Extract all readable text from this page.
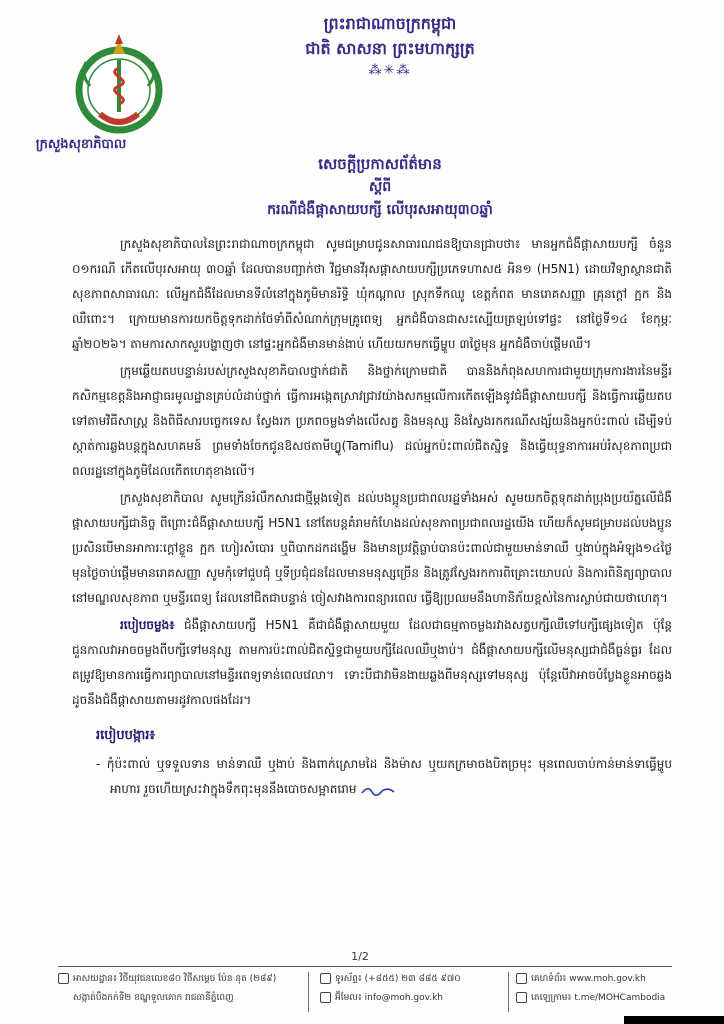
ក្រសួងសុខាភិបាល
ព្រះរាជាណាចក្រកម្ពុជា
ជាតិ សាសនា ព្រះមហាក្សត្រ
⁂✳⁂
សេចក្ដីប្រកាសព័ត៌មាន
ស្ដីពី
ករណីជំងឺផ្ដាសាយបក្សី លើបុរសអាយុ៣០ឆ្នាំ

ក្រសួងសុខាភិបាលនៃព្រះរាជាណាចក្រកម្ពុជា សូមជម្រាបជូនសាធារណជនឱ្យបានជ្រាបថា៖ មានអ្នកជំងឺផ្ដាសាយបក្សី ចំនួន ០១ករណី កើតលើបុរសអាយុ ៣០ឆ្នាំ ដែលបានបញ្ជាក់ថា វិជ្ជមានវីរុសផ្ដាសាយបក្សីប្រភេទហាស៥ អិន១ (H5N1) ដោយវិទ្យាស្ថានជាតិសុខភាពសាធារណៈ លើអ្នកជំងឺដែលមានទីលំនៅក្នុងភូមិមានរិទ្ធិ ឃុំកណ្ដាល ស្រុកទឹកឈូ ខេត្តកំពត មានរោគសញ្ញា គ្រុនក្ដៅ ក្អក និងឈឺពោះ។ ក្រោយមានការយកចិត្តទុកដាក់ថែទាំពីសំណាក់ក្រុមគ្រូពេទ្យ អ្នកជំងឺបានជាសះស្បើយត្រឡប់ទៅផ្ទះ នៅថ្ងៃទី១៤ ខែកុម្ភៈ ឆ្នាំ២០២៦។ តាមការសាកសួរបង្ហាញថា នៅផ្ទះអ្នកជំងឺមានមាន់ងាប់ ហើយយកមកធ្វើម្ហូប ៣ថ្ងៃមុន អ្នកជំងឺចាប់ផ្ដើមឈឺ។

ក្រុមឆ្លើយតបបន្ទាន់របស់ក្រសួងសុខាភិបាលថ្នាក់ជាតិ និងថ្នាក់ក្រោមជាតិ បាននិងកំពុងសហការជាមួយក្រុមការងារនៃមន្ទីរកសិកម្មខេត្តនិងអាជ្ញាធរមូលដ្ឋានគ្រប់លំដាប់ថ្នាក់ ធ្វើការអង្កេតស្រាវជ្រាវយ៉ាងសកម្មលើការកើតឡើងនូវជំងឺផ្ដាសាយបក្សី និងធ្វើការឆ្លើយតបទៅតាមវិធីសាស្ត្រ និងពិធីសារបច្ចេកទេស ស្វែងរក ប្រភពចម្លងទាំងលើសត្វ និងមនុស្ស និងស្វែងរកករណីសង្ស័យនិងអ្នកប៉ះពាល់ ដើម្បីទប់ស្កាត់ការឆ្លងបន្តក្នុងសហគមន៍ ព្រមទាំងចែកជូនឱសថតាមីហ្វ្លូ(Tamiflu) ដល់អ្នកប៉ះពាល់ជិតស្និទ្ធ និងធ្វើយុទ្ធនាការអប់រំសុខភាពប្រជាពលរដ្ឋនៅក្នុងភូមិដែលកើតហេតុខាងលើ។

ក្រសួងសុខាភិបាល សូមក្រើនរំលឹកសារជាថ្មីម្ដងទៀត ដល់បងប្អូនប្រជាពលរដ្ឋទាំងអស់ សូមយកចិត្តទុកដាក់ប្រុងប្រយ័ត្នលើជំងឺផ្ដាសាយបក្សីជានិច្ច ពីព្រោះជំងឺផ្ដាសាយបក្សី H5N1 នៅតែបន្តគំរាមកំហែងដល់សុខភាពប្រជាពលរដ្ឋយើង ហើយក៏សូមជម្រាបដល់បងប្អូន ប្រសិនបើមានអាការៈក្ដៅខ្លួន ក្អក ហៀរសំបោរ ឬពិបាកដកដង្ហើម និងមានប្រវត្តិធ្លាប់បានប៉ះពាល់ជាមួយមាន់ទាឈឺ ឬងាប់ក្នុងអំឡុង១៤ថ្ងៃមុនថ្ងៃចាប់ផ្ដើមមានរោគសញ្ញា សូមកុំទៅជួបជុំ ឬទីប្រជុំជនដែលមានមនុស្សច្រើន និងត្រូវស្វែងរកការពិគ្រោះយោបល់ និងការពិនិត្យព្យាបាលនៅមណ្ឌលសុខភាព ឬមន្ទីរពេទ្យ ដែលនៅជិតជាបន្ទាន់ ចៀសវាងការពន្យារពេល ធ្វើឱ្យប្រឈមនឹងហានិភ័យខ្ពស់នៃការស្លាប់ជាយថាហេតុ។

របៀបចម្លង៖ ជំងឺផ្ដាសាយបក្សី H5N1 គឺជាជំងឺផ្ដាសាយមួយ ដែលជាធម្មតាចម្លងរវាងសត្វបក្សីឈឺទៅបក្សីផ្សេងទៀត ប៉ុន្តែជួនកាលវាអាចចម្លងពីបក្សីទៅមនុស្ស តាមការប៉ះពាល់ជិតស្និទ្ធជាមួយបក្សីដែលឈឺឬងាប់។ ជំងឺផ្ដាសាយបក្សីលើមនុស្សជាជំងឺធ្ងន់ធ្ងរ ដែលតម្រូវឱ្យមានការធ្វើការព្យាបាលនៅមន្ទីរពេទ្យទាន់ពេលវេលា។ ទោះបីជាវាមិនងាយឆ្លងពីមនុស្សទៅមនុស្ស ប៉ុន្តែបើវាអាចបំប្លែងខ្លួនអាចឆ្លង ដូចនឹងជំងឺផ្ដាសាយតាមរដូវកាលផងដែរ។

របៀបបង្ការ៖

- កុំប៉ះពាល់ ឬទទួលទាន មាន់ទាឈឺ ឬងាប់ និងពាក់ស្រោមដៃ និងម៉ាស ឬយកក្រមាចងបិតច្រមុះ មុនពេលចាប់កាន់មាន់ទាធ្វើម្ហូបអាហារ រួចហើយស្រះវាក្នុងទឹកពុះមុននឹងបោចសម្អាតរោម

1/2
អាសយដ្ឋាន៖ វិថីយុវជនលេខ៨០ វិថីសម្ដេច ប៉ែន នុត (២៨៩)
សង្កាត់បឹងកក់ទី២ ខណ្ឌទួលគោក រាជធានីភ្នំពេញ
ទូរស័ព្ទ៖ (+៨៥៥) ២៣ ៨៨៥ ៩៧០
អ៊ីមែល៖ info@moh.gov.kh
គេហទំព័រ៖ www.moh.gov.kh
តេឡេក្រាម៖ t.me/MOHCambodia
